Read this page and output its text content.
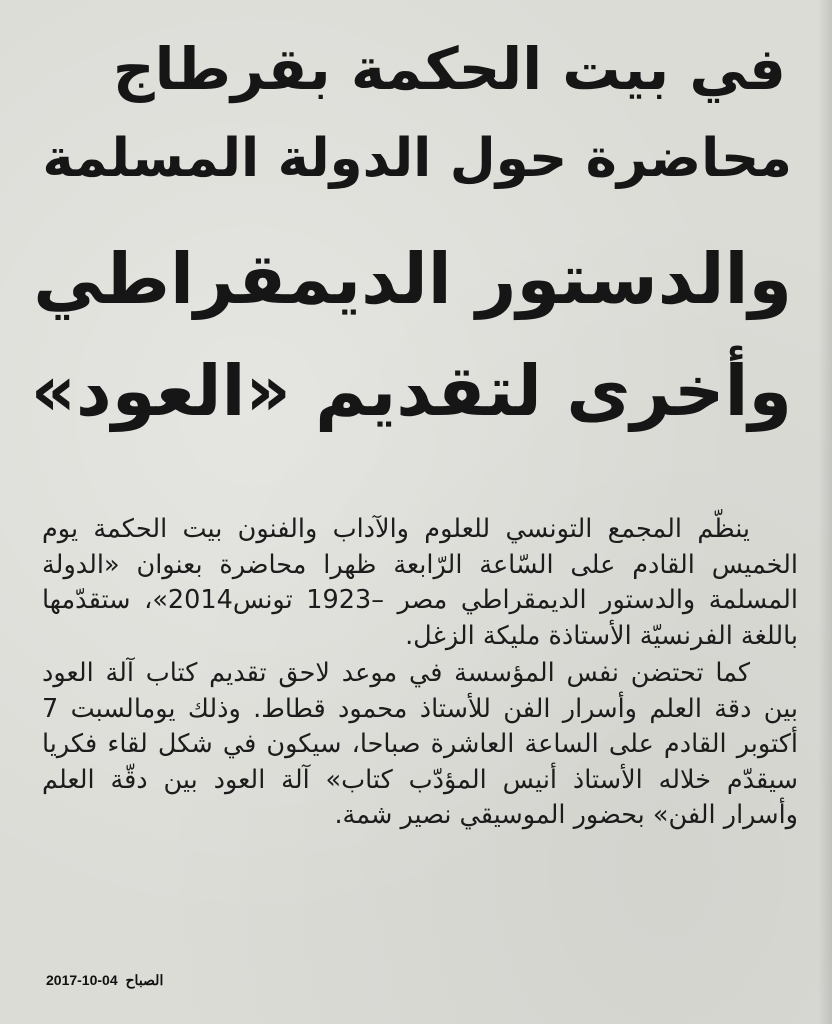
في بيت الحكمة بقرطاج
محاضرة حول الدولة المسلمة
والدستور الديمقراطي
وأخرى لتقديم «العود»

ينظّم المجمع التونسي للعلوم والآداب والفنون بيت الحكمة يوم الخميس القادم على السّاعة الرّابعة ظهرا محاضرة بعنوان «الدولة المسلمة والدستور الديمقراطي مصر –1923 تونس2014»، ستقدّمها باللغة الفرنسيّة الأستاذة مليكة الزغل.

كما تحتضن نفس المؤسسة في موعد لاحق تقديم كتاب آلة العود بين دقة العلم وأسرار الفن للأستاذ محمود قطاط. وذلك يومالسبت 7 أكتوبر القادم على الساعة العاشرة صباحا، سيكون في شكل لقاء فكريا سيقدّم خلاله الأستاذ أنيس المؤدّب كتاب» آلة العود بين دقّة العلم وأسرار الفن» بحضور الموسيقي نصير شمة.

2017-10-04 الصباح
